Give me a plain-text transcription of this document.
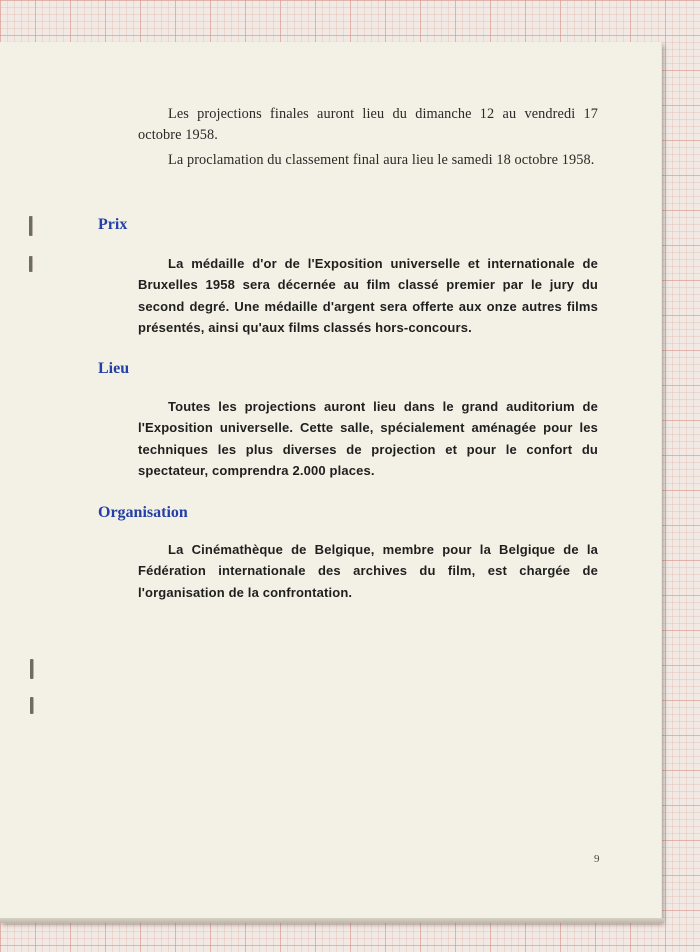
Les projections finales auront lieu du dimanche 12 au vendredi 17 octobre 1958.

La proclamation du classement final aura lieu le samedi 18 octobre 1958.

Prix

La médaille d'or de l'Exposition universelle et internationale de Bruxelles 1958 sera décernée au film classé premier par le jury du second degré. Une médaille d'argent sera offerte aux onze autres films présentés, ainsi qu'aux films classés hors-concours.

Lieu

Toutes les projections auront lieu dans le grand auditorium de l'Exposition universelle. Cette salle, spécialement aménagée pour les techniques les plus diverses de projection et pour le confort du spectateur, comprendra 2.000 places.

Organisation

La Cinémathèque de Belgique, membre pour la Belgique de la Fédération internationale des archives du film, est chargée de l'organisation de la confrontation.

9
